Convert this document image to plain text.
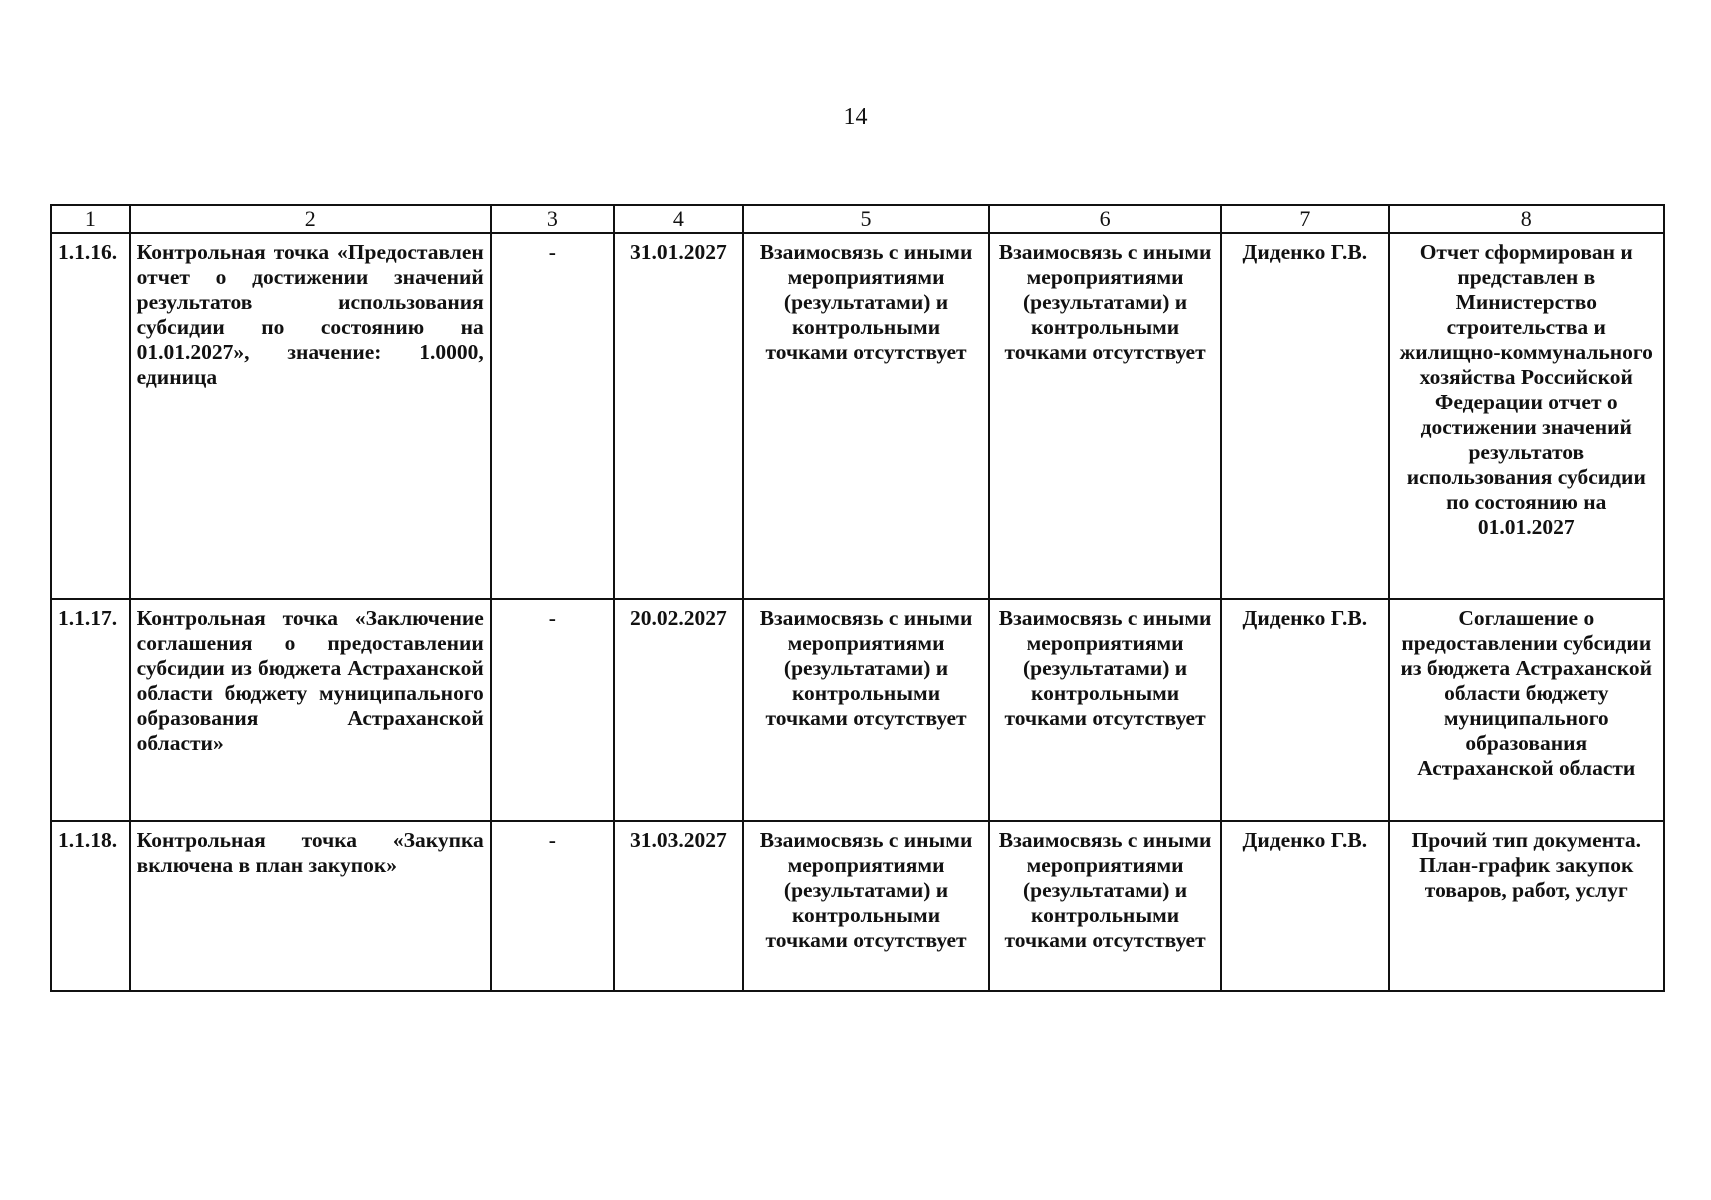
14
1	2	3	4	5	6	7	8
1.1.16.	Контрольная точка «Предоставлен отчет о достижении значений результатов использования субсидии по состоянию на 01.01.2027», значение: 1.0000, единица	-	31.01.2027	Взаимосвязь с иными мероприятиями (результатами) и контрольными точками отсутствует	Взаимосвязь с иными мероприятиями (результатами) и контрольными точками отсутствует	Диденко Г.В.	Отчет сформирован и представлен в Министерство строительства и жилищно-коммунального хозяйства Российской Федерации отчет о достижении значений результатов использования субсидии по состоянию на 01.01.2027
1.1.17.	Контрольная точка «Заключение соглашения о предоставлении субсидии из бюджета Астраханской области бюджету муниципального образования Астраханской области»	-	20.02.2027	Взаимосвязь с иными мероприятиями (результатами) и контрольными точками отсутствует	Взаимосвязь с иными мероприятиями (результатами) и контрольными точками отсутствует	Диденко Г.В.	Соглашение о предоставлении субсидии из бюджета Астраханской области бюджету муниципального образования Астраханской области
1.1.18.	Контрольная точка «Закупка включена в план закупок»	-	31.03.2027	Взаимосвязь с иными мероприятиями (результатами) и контрольными точками отсутствует	Взаимосвязь с иными мероприятиями (результатами) и контрольными точками отсутствует	Диденко Г.В.	Прочий тип документа. План-график закупок товаров, работ, услуг
